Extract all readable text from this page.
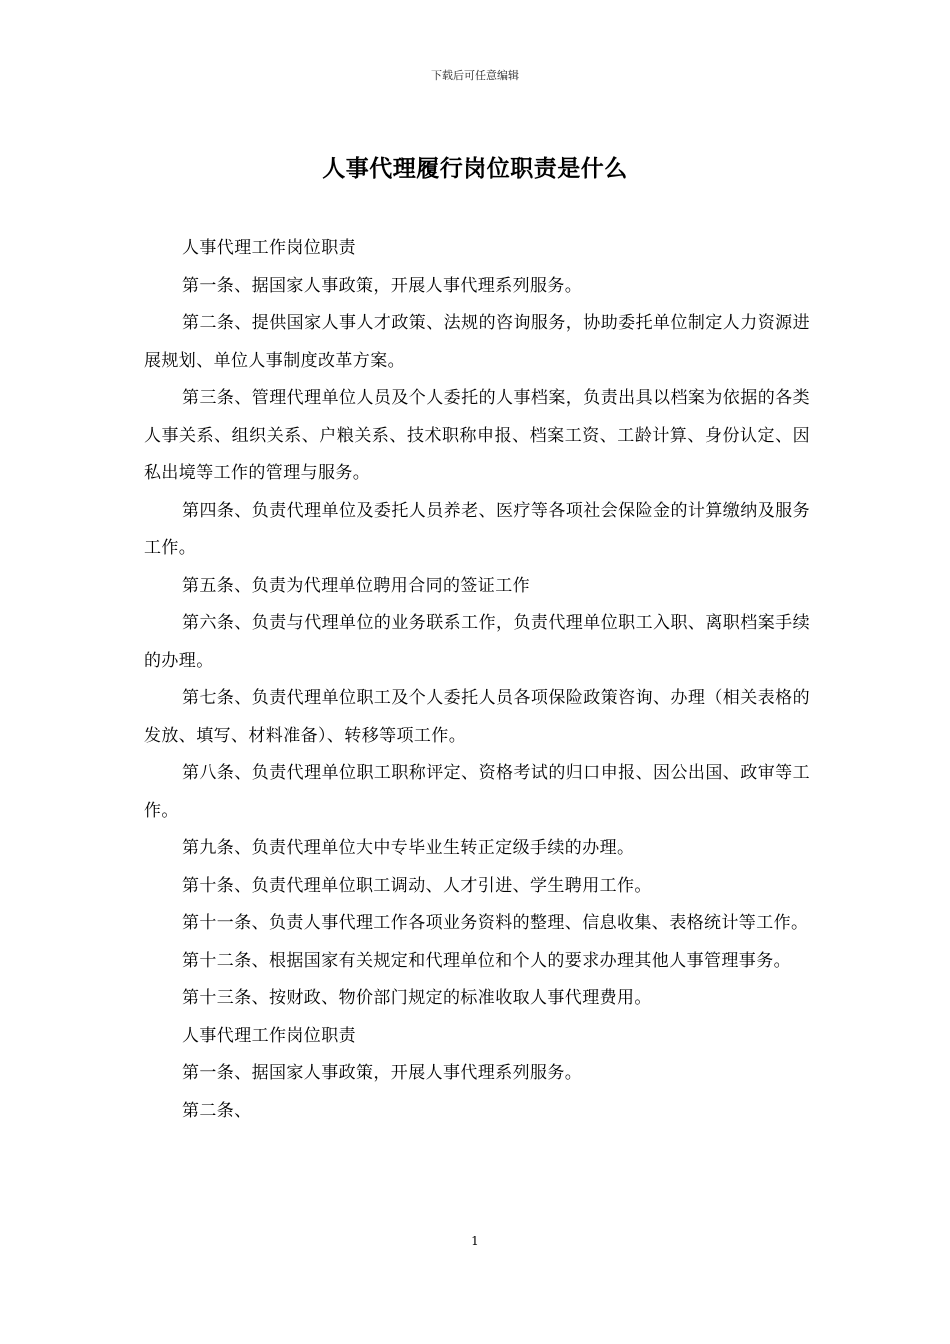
下载后可任意编辑
人事代理履行岗位职责是什么

人事代理工作岗位职责

第一条、据国家人事政策，开展人事代理系列服务。

第二条、提供国家人事人才政策、法规的咨询服务，协助委托单位制定人力资源进展规划、单位人事制度改革方案。

第三条、管理代理单位人员及个人委托的人事档案，负责出具以档案为依据的各类人事关系、组织关系、户粮关系、技术职称申报、档案工资、工龄计算、身份认定、因私出境等工作的管理与服务。

第四条、负责代理单位及委托人员养老、医疗等各项社会保险金的计算缴纳及服务工作。

第五条、负责为代理单位聘用合同的签证工作

第六条、负责与代理单位的业务联系工作，负责代理单位职工入职、离职档案手续的办理。

第七条、负责代理单位职工及个人委托人员各项保险政策咨询、办理（相关表格的发放、填写、材料准备）、转移等项工作。

第八条、负责代理单位职工职称评定、资格考试的归口申报、因公出国、政审等工作。

第九条、负责代理单位大中专毕业生转正定级手续的办理。

第十条、负责代理单位职工调动、人才引进、学生聘用工作。

第十一条、负责人事代理工作各项业务资料的整理、信息收集、表格统计等工作。

第十二条、根据国家有关规定和代理单位和个人的要求办理其他人事管理事务。

第十三条、按财政、物价部门规定的标准收取人事代理费用。

人事代理工作岗位职责

第一条、据国家人事政策，开展人事代理系列服务。

第二条、

1
